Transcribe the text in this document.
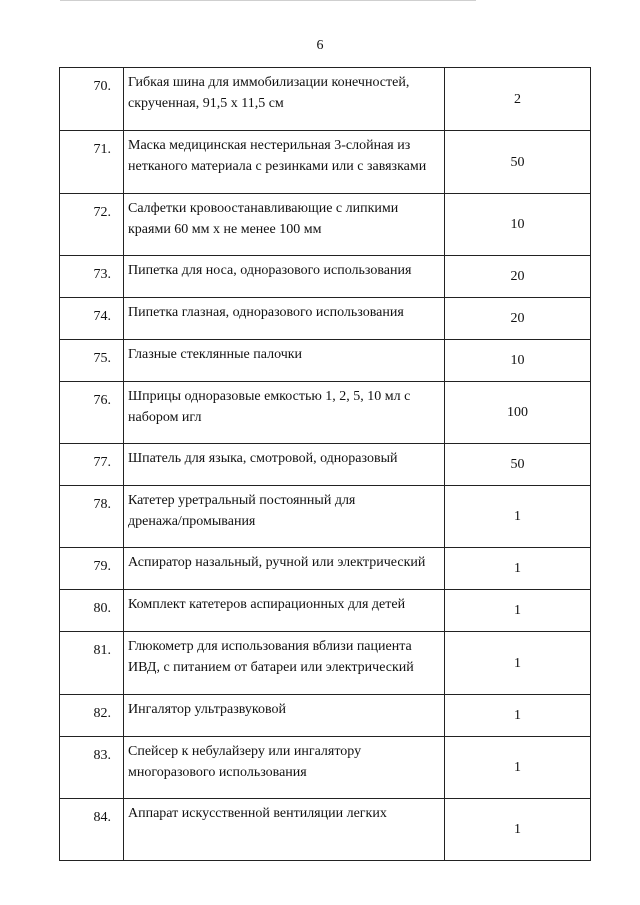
6
70.	Гибкая шина для иммобилизации конечностей,
скрученная, 91,5 х 11,5 см	2
71.	Маска медицинская нестерильная 3-слойная из
нетканого материала с резинками или с завязками	50
72.	Салфетки кровоостанавливающие с липкими
краями 60 мм х не менее 100 мм	10
73.	Пипетка для носа, одноразового использования	20
74.	Пипетка глазная, одноразового использования	20
75.	Глазные стеклянные палочки	10
76.	Шприцы одноразовые емкостью 1, 2, 5, 10 мл с
набором игл	100
77.	Шпатель для языка, смотровой, одноразовый	50
78.	Катетер уретральный постоянный для
дренажа/промывания	1
79.	Аспиратор назальный, ручной или электрический	1
80.	Комплект катетеров аспирационных для детей	1
81.	Глюкометр для использования вблизи пациента
ИВД, с питанием от батареи или электрический	1
82.	Ингалятор ультразвуковой	1
83.	Спейсер к небулайзеру или ингалятору
многоразового использования	1
84.	Аппарат искусственной вентиляции легких	1
